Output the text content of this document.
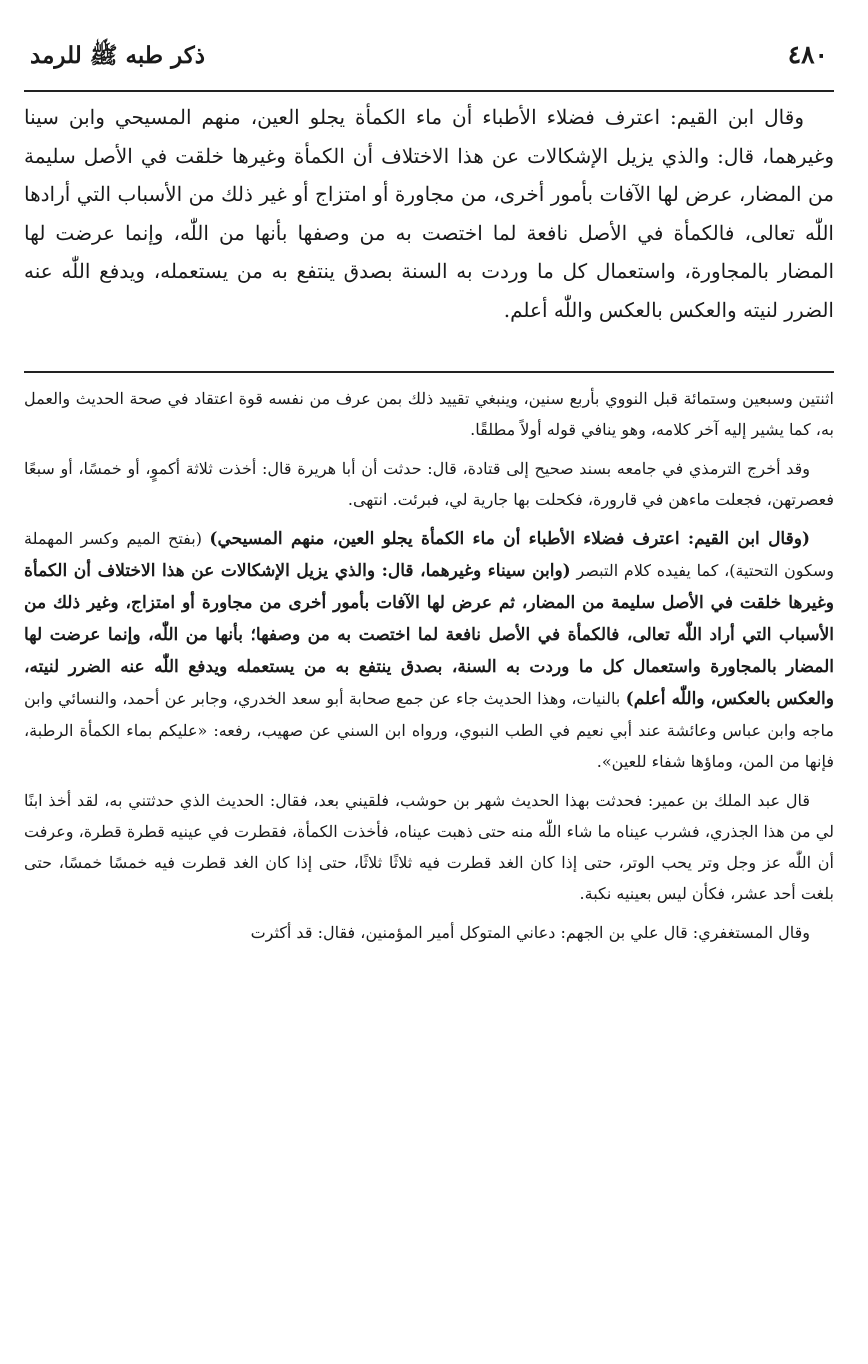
٤٨٠
ذكر طبه ﷺ للرمد

وقال ابن القيم: اعترف فضلاء الأطباء أن ماء الكمأة يجلو العين، منهم المسيحي وابن سينا وغيرهما، قال: والذي يزيل الإشكالات عن هذا الاختلاف أن الكمأة وغيرها خلقت في الأصل سليمة من المضار، عرض لها الآفات بأمور أخرى، من مجاورة أو امتزاج أو غير ذلك من الأسباب التي أرادها اللّٰه تعالى، فالكمأة في الأصل نافعة لما اختصت به من وصفها بأنها من اللّٰه، وإنما عرضت لها المضار بالمجاورة، واستعمال كل ما وردت به السنة بصدق ينتفع به من يستعمله، ويدفع اللّٰه عنه الضرر لنيته والعكس بالعكس واللّٰه أعلم.

اثنتين وسبعين وستمائة قبل النووي بأربع سنين، وينبغي تقييد ذلك بمن عرف من نفسه قوة اعتقاد في صحة الحديث والعمل به، كما يشير إليه آخر كلامه، وهو ينافي قوله أولاً مطلقًا.

وقد أخرج الترمذي في جامعه بسند صحيح إلى قتادة، قال: حدثت أن أبا هريرة قال: أخذت ثلاثة أكموٍ، أو خمسًا، أو سبعًا فعصرتهن، فجعلت ماءهن في قارورة، فكحلت بها جارية لي، فبرئت. انتهى.

(وقال ابن القيم: اعترف فضلاء الأطباء أن ماء الكمأة يجلو العين، منهم المسيحي) (بفتح الميم وكسر المهملة وسكون التحتية)، كما يفيده كلام التبصر (وابن سيناء وغيرهما، قال: والذي يزيل الإشكالات عن هذا الاختلاف أن الكمأة وغيرها خلقت في الأصل سليمة من المضار، ثم عرض لها الآفات بأمور أخرى من مجاورة أو امتزاج، وغير ذلك من الأسباب التي أراد اللّٰه تعالى، فالكمأة في الأصل نافعة لما اختصت به من وصفها؛ بأنها من اللّٰه، وإنما عرضت لها المضار بالمجاورة واستعمال كل ما وردت به السنة، بصدق ينتفع به من يستعمله ويدفع اللّٰه عنه الضرر لنيته، والعكس بالعكس، واللّٰه أعلم) بالنيات، وهذا الحديث جاء عن جمع صحابة أبو سعد الخدري، وجابر عن أحمد، والنسائي وابن ماجه وابن عباس وعائشة عند أبي نعيم في الطب النبوي، ورواه ابن السني عن صهيب، رفعه: «عليكم بماء الكمأة الرطبة، فإنها من المن، وماؤها شفاء للعين».

قال عبد الملك بن عمير: فحدثت بهذا الحديث شهر بن حوشب، فلقيني بعد، فقال: الحديث الذي حدثتني به، لقد أخذ ابنًا لي من هذا الجذري، فشرب عيناه ما شاء اللّٰه منه حتى ذهبت عيناه، فأخذت الكمأة، فقطرت في عينيه قطرة قطرة، وعرفت أن اللّٰه عز وجل وتر يحب الوتر، حتى إذا كان الغد قطرت فيه ثلاثًا ثلاثًا، حتى إذا كان الغد قطرت فيه خمسًا خمسًا، حتى بلغت أحد عشر، فكأن ليس بعينيه نكبة.

وقال المستغفري: قال علي بن الجهم: دعاني المتوكل أمير المؤمنين، فقال: قد أكثرت
